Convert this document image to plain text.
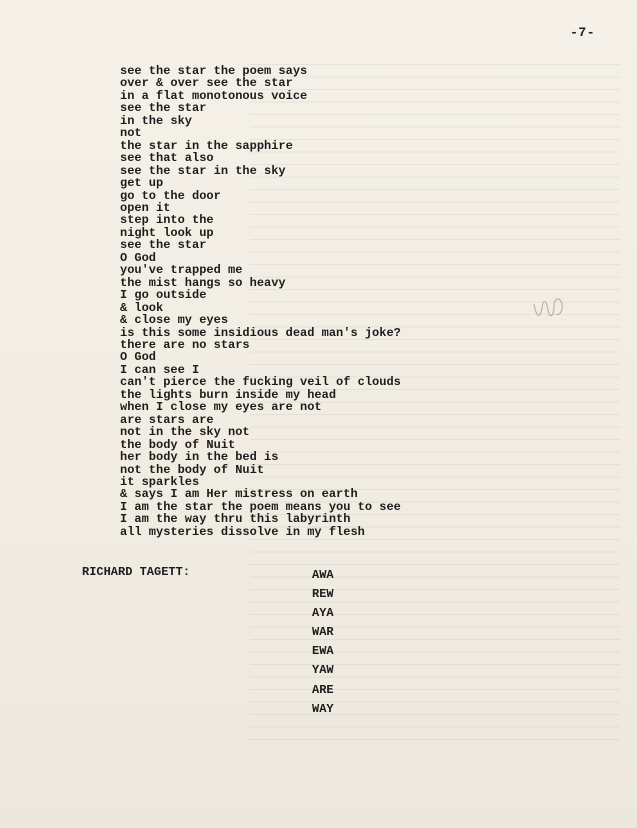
-7-
see the star the poem says
over & over see the star
in a flat monotonous voice
see the star
in the sky
not
the star in the sapphire
see that also
see the star in the sky
get up
go to the door
open it
step into the
night look up
see the star
O God
you've trapped me
the mist hangs so heavy
I go outside
& look
& close my eyes
is this some insidious dead man's joke?
there are no stars
O God
I can see I
can't pierce the fucking veil of clouds
the lights burn inside my head
when I close my eyes are not
are stars are
not in the sky not
the body of Nuit
her body in the bed is
not the body of Nuit
it sparkles
& says I am Her mistress on earth
I am the star the poem means you to see
I am the way thru this labyrinth
all mysteries dissolve in my flesh
RICHARD TAGETT:	AWA
REW
AYA
WAR
EWA
YAW
ARE
WAY
